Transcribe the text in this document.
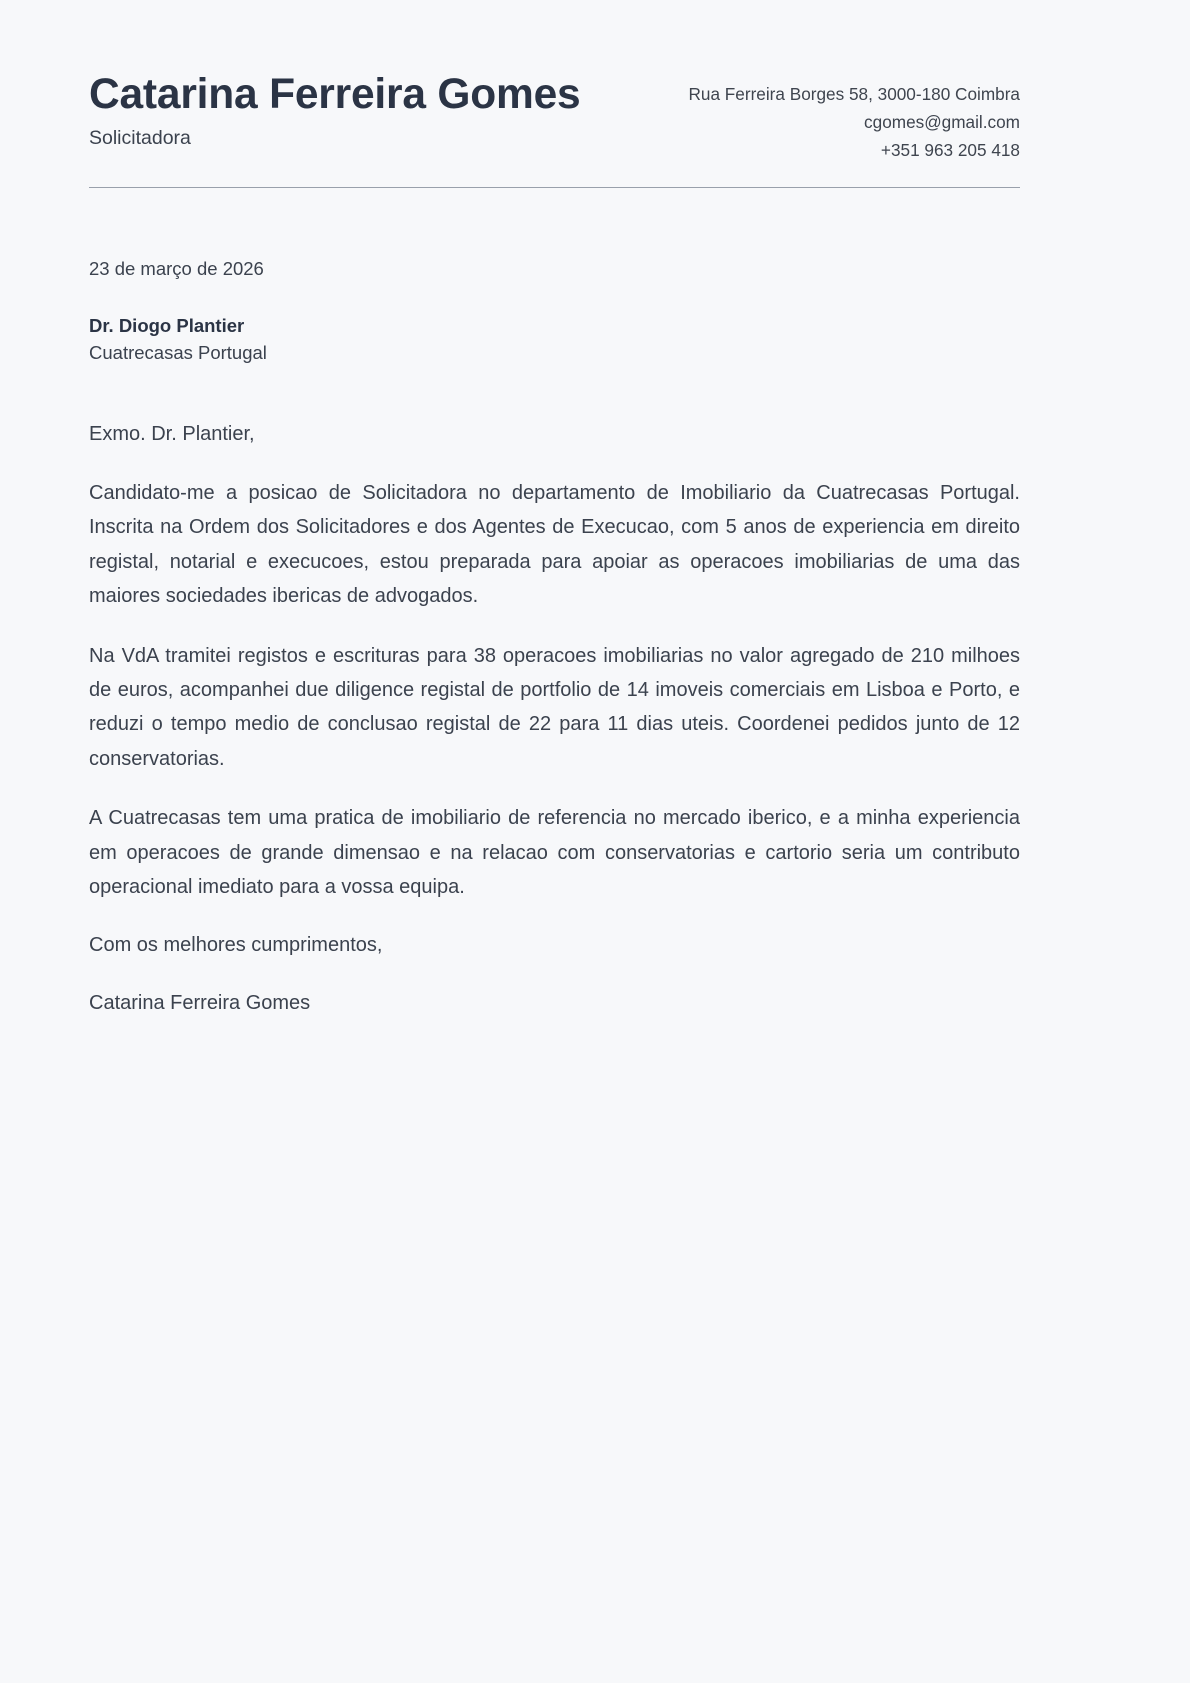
Catarina Ferreira Gomes
Solicitadora
Rua Ferreira Borges 58, 3000-180 Coimbra
cgomes@gmail.com
+351 963 205 418
23 de março de 2026
Dr. Diogo Plantier
Cuatrecasas Portugal

Exmo. Dr. Plantier,

Candidato-me a posicao de Solicitadora no departamento de Imobiliario da Cuatrecasas Portugal. Inscrita na Ordem dos Solicitadores e dos Agentes de Execucao, com 5 anos de experiencia em direito registal, notarial e execucoes, estou preparada para apoiar as operacoes imobiliarias de uma das maiores sociedades ibericas de advogados.

Na VdA tramitei registos e escrituras para 38 operacoes imobiliarias no valor agregado de 210 milhoes de euros, acompanhei due diligence registal de portfolio de 14 imoveis comerciais em Lisboa e Porto, e reduzi o tempo medio de conclusao registal de 22 para 11 dias uteis. Coordenei pedidos junto de 12 conservatorias.

A Cuatrecasas tem uma pratica de imobiliario de referencia no mercado iberico, e a minha experiencia em operacoes de grande dimensao e na relacao com conservatorias e cartorio seria um contributo operacional imediato para a vossa equipa.

Com os melhores cumprimentos,

Catarina Ferreira Gomes
